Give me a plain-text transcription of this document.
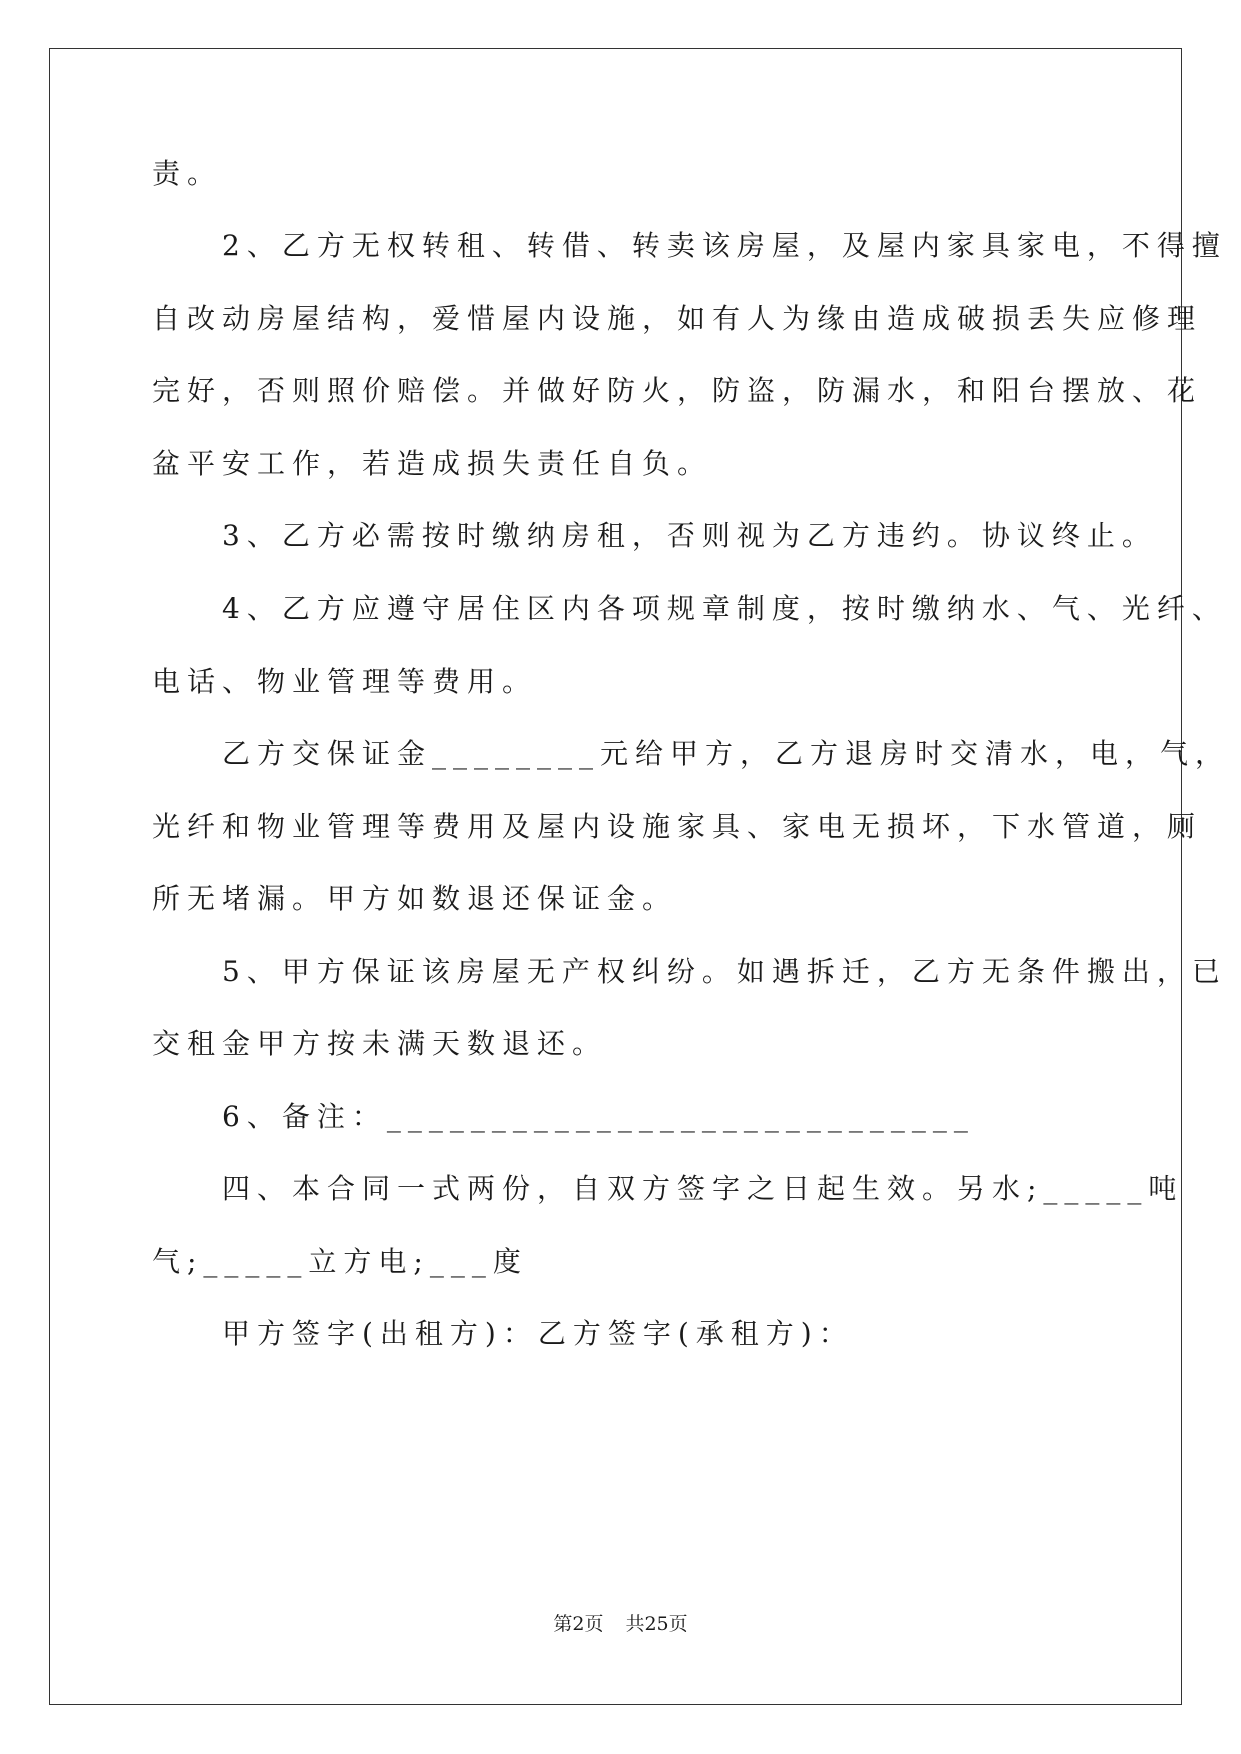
责。
　　2、乙方无权转租、转借、转卖该房屋，及屋内家具家电，不得擅
自改动房屋结构，爱惜屋内设施，如有人为缘由造成破损丢失应修理
完好，否则照价赔偿。并做好防火，防盗，防漏水，和阳台摆放、花
盆平安工作，若造成损失责任自负。
　　3、乙方必需按时缴纳房租，否则视为乙方违约。协议终止。
　　4、乙方应遵守居住区内各项规章制度，按时缴纳水、气、光纤、
电话、物业管理等费用。
　　乙方交保证金________元给甲方，乙方退房时交清水，电，气，
光纤和物业管理等费用及屋内设施家具、家电无损坏，下水管道，厕
所无堵漏。甲方如数退还保证金。
　　5、甲方保证该房屋无产权纠纷。如遇拆迁，乙方无条件搬出，已
交租金甲方按未满天数退还。
　　6、备注：____________________________
　　四、本合同一式两份，自双方签字之日起生效。另水;_____吨
气;_____立方电;___度
　　甲方签字(出租方)：乙方签字(承租方)：
第2页 共25页
